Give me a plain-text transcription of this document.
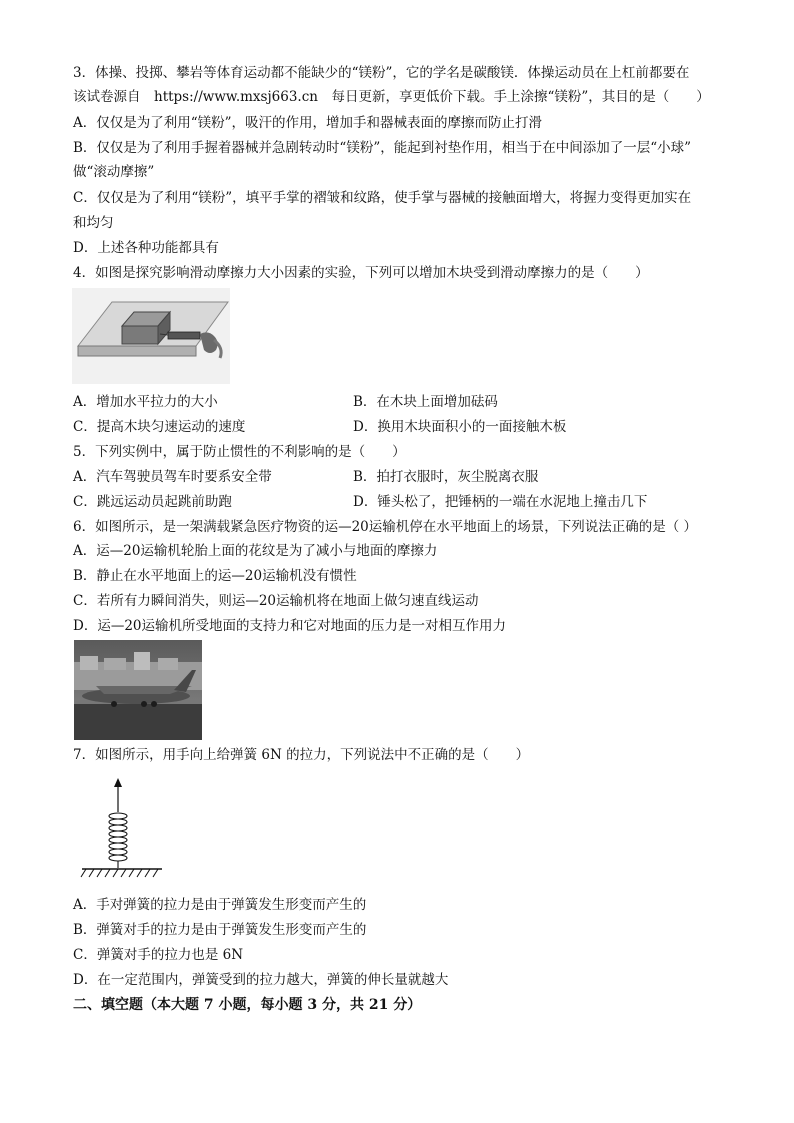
3．体操、投掷、攀岩等体育运动都不能缺少的“镁粉”，它的学名是碳酸镁．体操运动员在上杠前都要在
该试卷源自　https://www.mxsj663.cn　每日更新，享更低价下载。手上涂擦“镁粉”，其目的是（　　）
A．仅仅是为了利用“镁粉”，吸汗的作用，增加手和器械表面的摩擦而防止打滑
B．仅仅是为了利用手握着器械并急剧转动时“镁粉”，能起到衬垫作用，相当于在中间添加了一层“小球”
做“滚动摩擦”
C．仅仅是为了利用“镁粉”，填平手掌的褶皱和纹路，使手掌与器械的接触面增大，将握力变得更加实在
和均匀
D．上述各种功能都具有
4．如图是探究影响滑动摩擦力大小因素的实验，下列可以增加木块受到滑动摩擦力的是（　　）
A．增加水平拉力的大小	B．在木块上面增加砝码
C．提高木块匀速运动的速度	D．换用木块面积小的一面接触木板
5．下列实例中，属于防止惯性的不利影响的是（　　）
A．汽车驾驶员驾车时要系安全带	B．拍打衣服时，灰尘脱离衣服
C．跳远运动员起跳前助跑	D．锤头松了，把锤柄的一端在水泥地上撞击几下
6．如图所示，是一架满载紧急医疗物资的运—20运输机停在水平地面上的场景，下列说法正确的是（ ）
A．运—20运输机轮胎上面的花纹是为了减小与地面的摩擦力
B．静止在水平地面上的运—20运输机没有惯性
C．若所有力瞬间消失，则运—20运输机将在地面上做匀速直线运动
D．运—20运输机所受地面的支持力和它对地面的压力是一对相互作用力
7．如图所示，用手向上给弹簧 6N 的拉力，下列说法中不正确的是（　　）
A．手对弹簧的拉力是由于弹簧发生形变而产生的
B．弹簧对手的拉力是由于弹簧发生形变而产生的
C．弹簧对手的拉力也是 6N
D．在一定范围内，弹簧受到的拉力越大，弹簧的伸长量就越大
二、填空题（本大题 7 小题，每小题 3 分，共 21 分）
